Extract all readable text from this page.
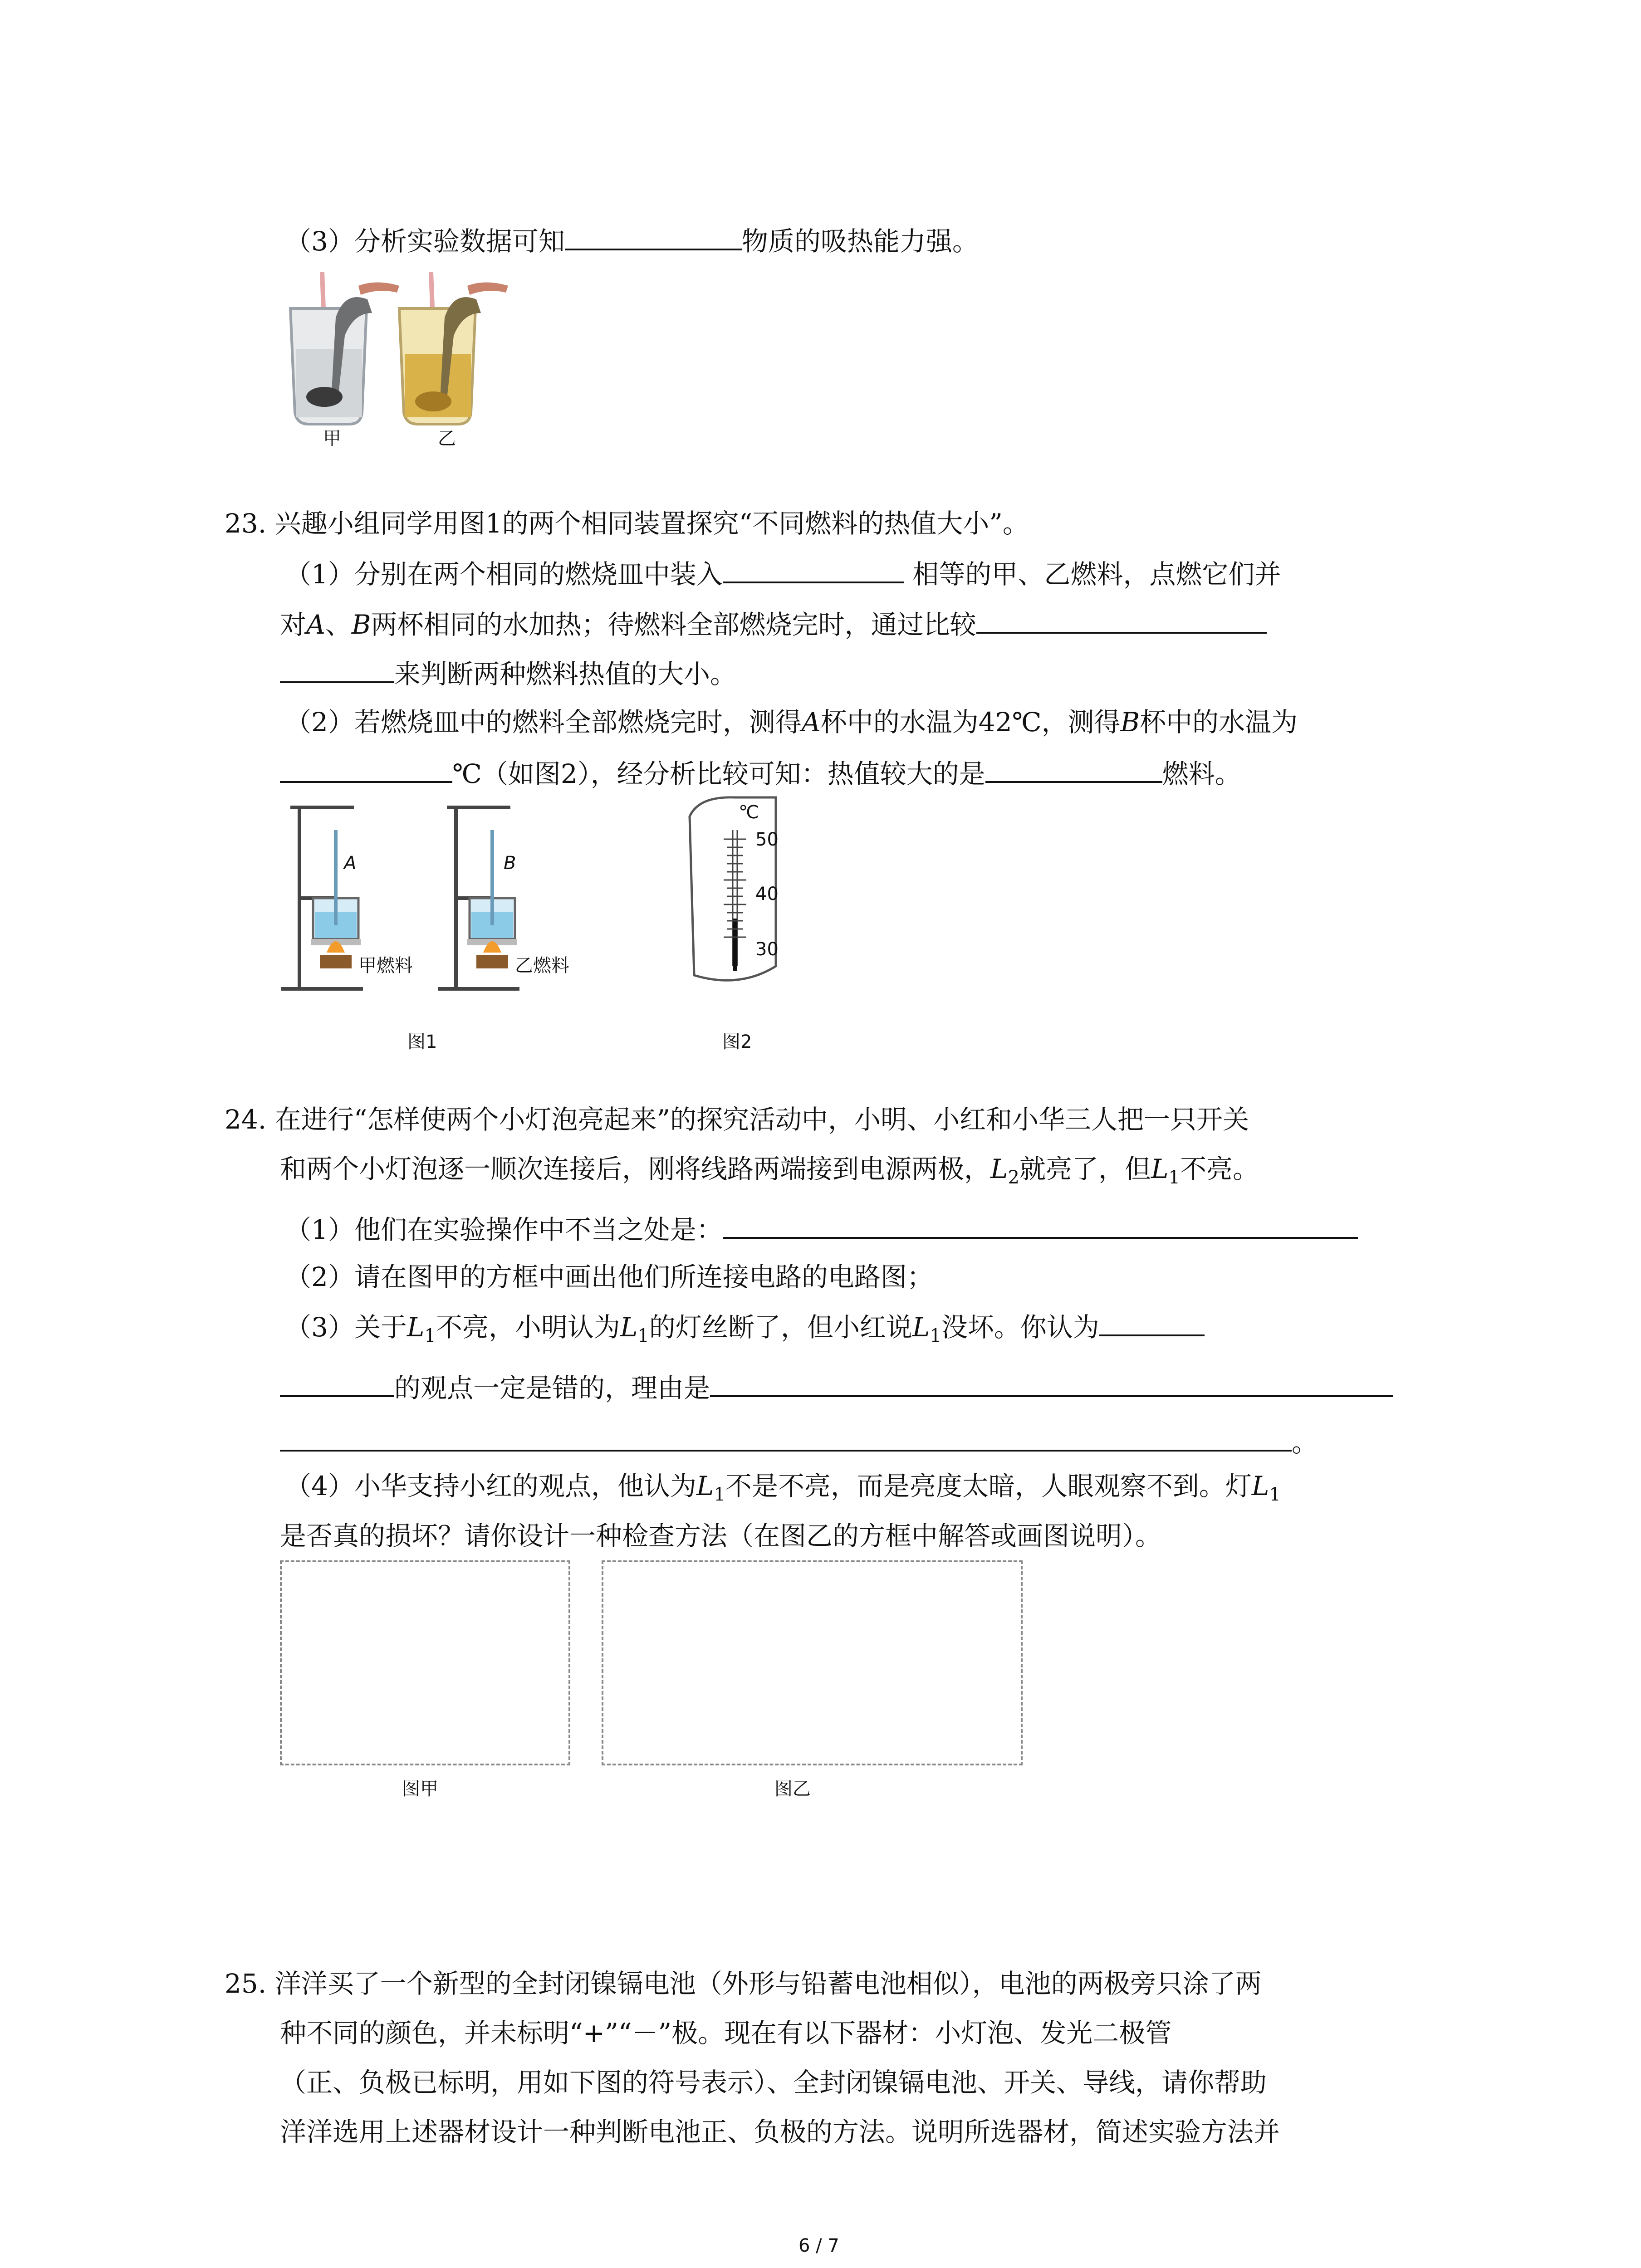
（3）分析实验数据可知	物质的吸热能力强。
甲	乙
23. 兴趣小组同学用图1的两个相同装置探究“不同燃料的热值大小”。
（1）分别在两个相同的燃烧皿中装入	相等的甲、乙燃料，点燃它们并
对A、B两杯相同的水加热；待燃料全部燃烧完时，通过比较
来判断两种燃料热值的大小。
（2）若燃烧皿中的燃料全部燃烧完时，测得A杯中的水温为42℃，测得B杯中的水温为
℃（如图2），经分析比较可知：热值较大的是	燃料。
A	B
甲燃料	乙燃料
图1
℃
50
40
30
图2
24. 在进行“怎样使两个小灯泡亮起来”的探究活动中，小明、小红和小华三人把一只开关
和两个小灯泡逐一顺次连接后，刚将线路两端接到电源两极，$L_2$就亮了，但$L_1$不亮。
（1）他们在实验操作中不当之处是：
（2）请在图甲的方框中画出他们所连接电路的电路图；
（3）关于$L_1$不亮，小明认为$L_1$的灯丝断了，但小红说$L_1$没坏。你认为
的观点一定是错的，理由是
。
（4）小华支持小红的观点，他认为$L_1$不是不亮，而是亮度太暗，人眼观察不到。灯$L_1$
是否真的损坏？请你设计一种检查方法（在图乙的方框中解答或画图说明）。
图甲	图乙
25. 洋洋买了一个新型的全封闭镍镉电池（外形与铅蓄电池相似），电池的两极旁只涂了两
种不同的颜色，并未标明“+”“－”极。现在有以下器材：小灯泡、发光二极管
（正、负极已标明，用如下图的符号表示）、全封闭镍镉电池、开关、导线，请你帮助
洋洋选用上述器材设计一种判断电池正、负极的方法。说明所选器材，简述实验方法并
6 / 7
